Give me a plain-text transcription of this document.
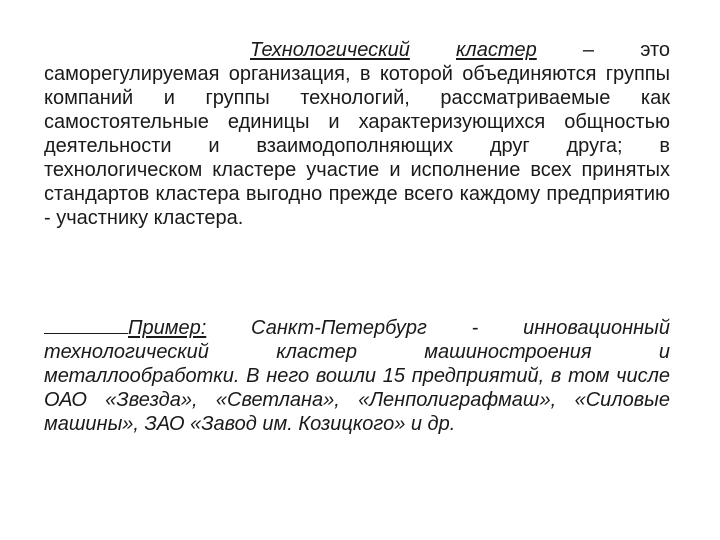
Технологический кластер – это саморегулируемая организация, в которой объединяются группы компаний и группы технологий, рассматриваемые как самостоятельные единицы и характеризующихся общностью деятельности и взаимодополняющих друг друга; в технологическом кластере участие и исполнение всех принятых стандартов кластера выгодно прежде всего каждому предприятию - участнику кластера.

Пример: Санкт-Петербург - инновационный технологический кластер машиностроения и металлообработки. В него вошли 15 предприятий, в том числе ОАО «Звезда», «Светлана», «Ленполиграфмаш», «Силовые машины», ЗАО «Завод им. Козицкого» и др.
